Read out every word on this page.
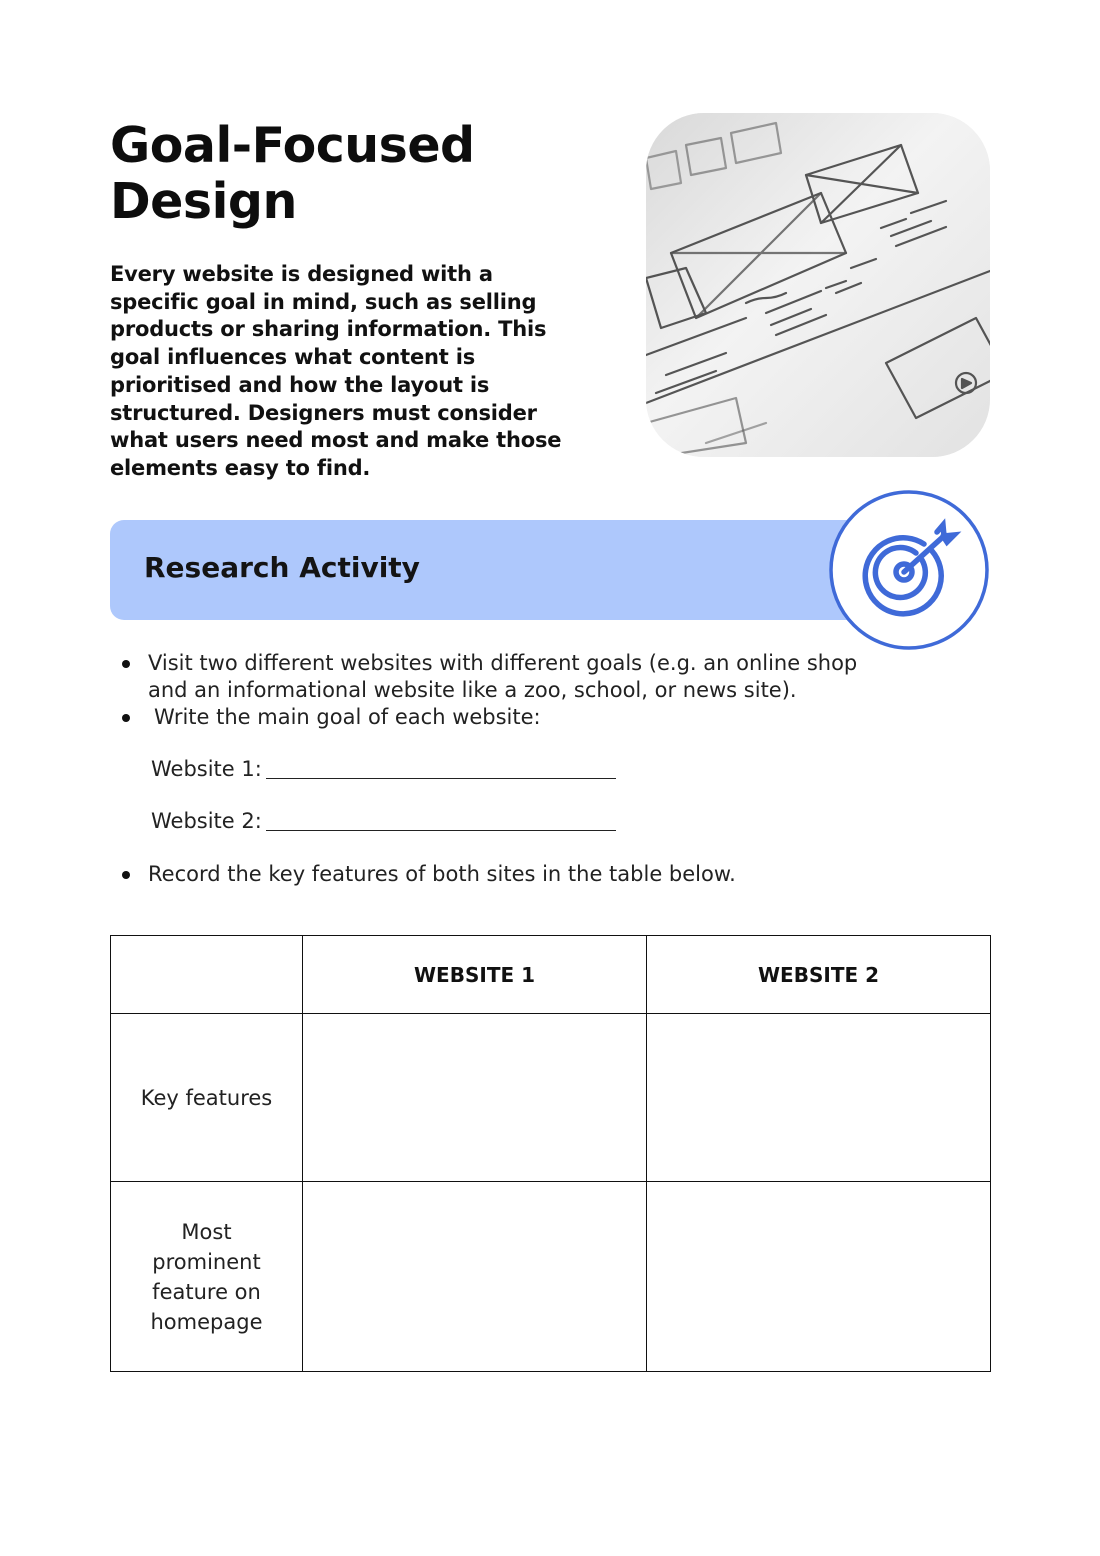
Goal-Focused Design

Every website is designed with a specific goal in mind, such as selling products or sharing information. This goal influences what content is prioritised and how the layout is structured. Designers must consider what users need most and make those elements easy to find.

Research Activity
Visit two different websites with different goals (e.g. an online shop and an informational website like a zoo, school, or news site).
Write the main goal of each website:
Website 1:
Website 2:
Record the key features of both sites in the table below.
	WEBSITE 1	WEBSITE 2
Key features		
Most prominent feature on homepage		
